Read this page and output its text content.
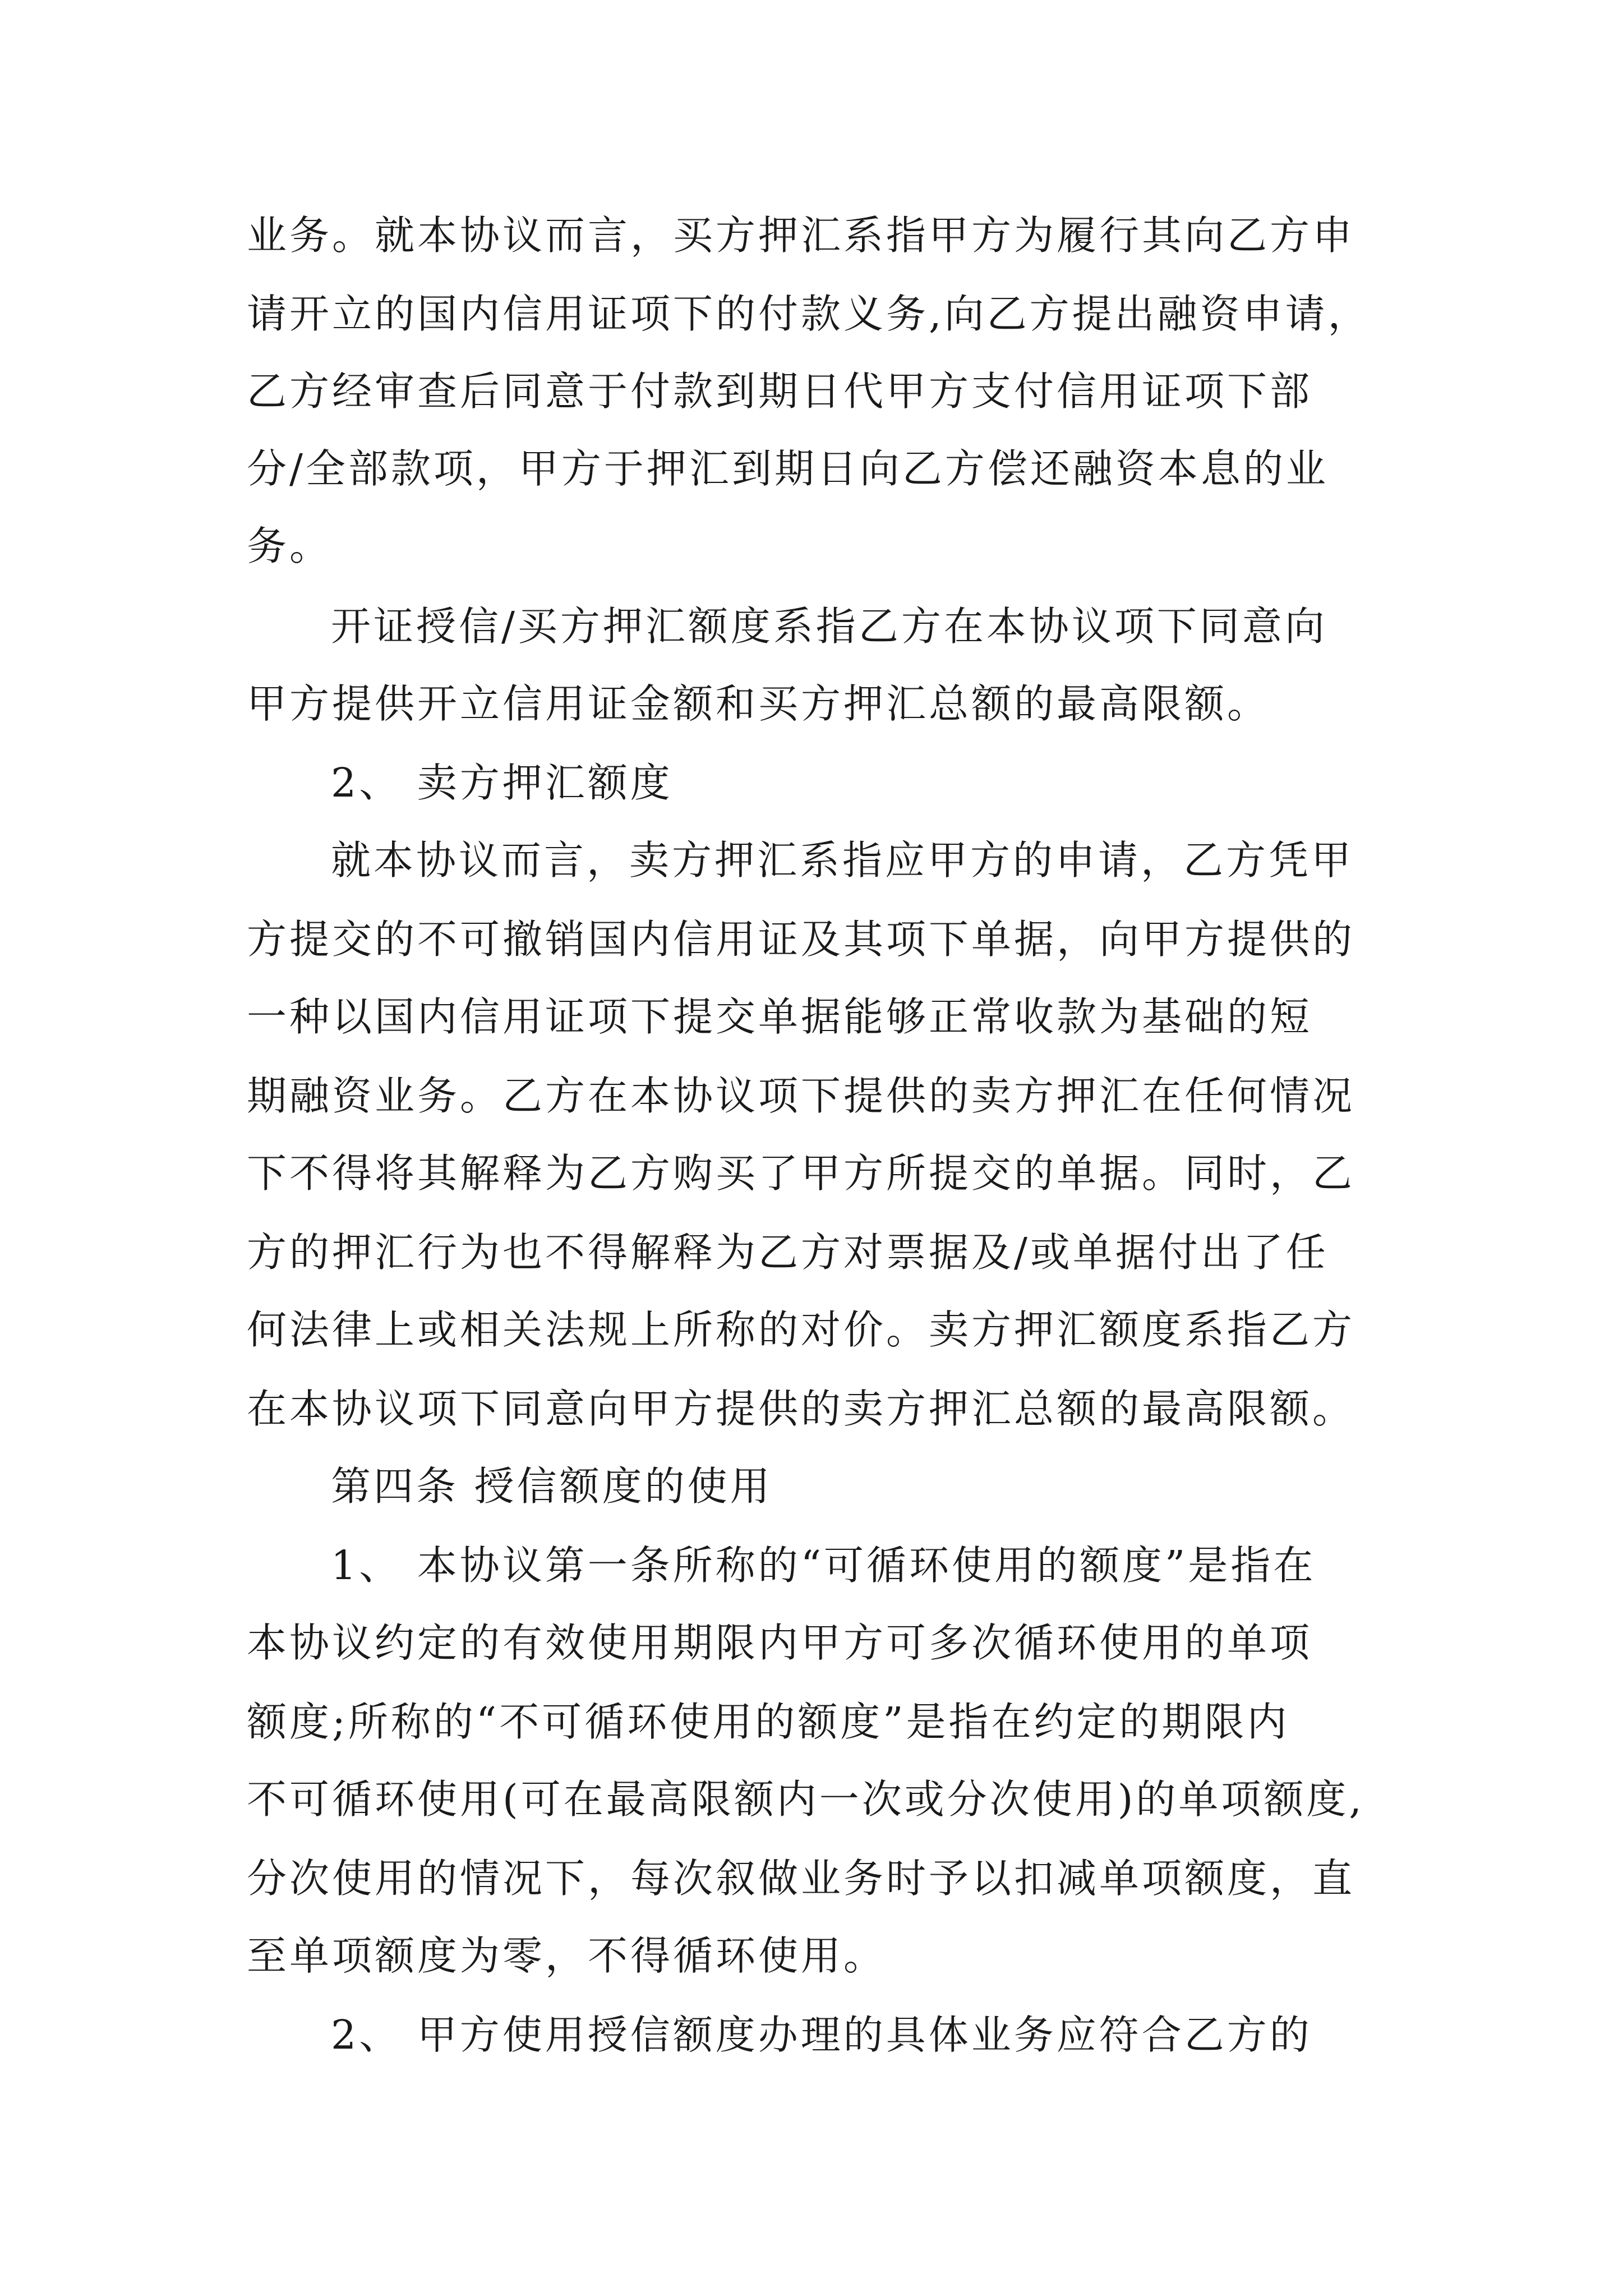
业务。就本协议而言，买方押汇系指甲方为履行其向乙方申

请开立的国内信用证项下的付款义务,向乙方提出融资申请，

乙方经审查后同意于付款到期日代甲方支付信用证项下部

分/全部款项，甲方于押汇到期日向乙方偿还融资本息的业

务。

开证授信/买方押汇额度系指乙方在本协议项下同意向

甲方提供开立信用证金额和买方押汇总额的最高限额。

2、 卖方押汇额度

就本协议而言，卖方押汇系指应甲方的申请，乙方凭甲

方提交的不可撤销国内信用证及其项下单据，向甲方提供的

一种以国内信用证项下提交单据能够正常收款为基础的短

期融资业务。乙方在本协议项下提供的卖方押汇在任何情况

下不得将其解释为乙方购买了甲方所提交的单据。同时，乙

方的押汇行为也不得解释为乙方对票据及/或单据付出了任

何法律上或相关法规上所称的对价。卖方押汇额度系指乙方

在本协议项下同意向甲方提供的卖方押汇总额的最高限额。

第四条 授信额度的使用

1、 本协议第一条所称的“可循环使用的额度”是指在

本协议约定的有效使用期限内甲方可多次循环使用的单项

额度;所称的“不可循环使用的额度”是指在约定的期限内

不可循环使用(可在最高限额内一次或分次使用)的单项额度,

分次使用的情况下，每次叙做业务时予以扣减单项额度，直

至单项额度为零，不得循环使用。

2、 甲方使用授信额度办理的具体业务应符合乙方的
